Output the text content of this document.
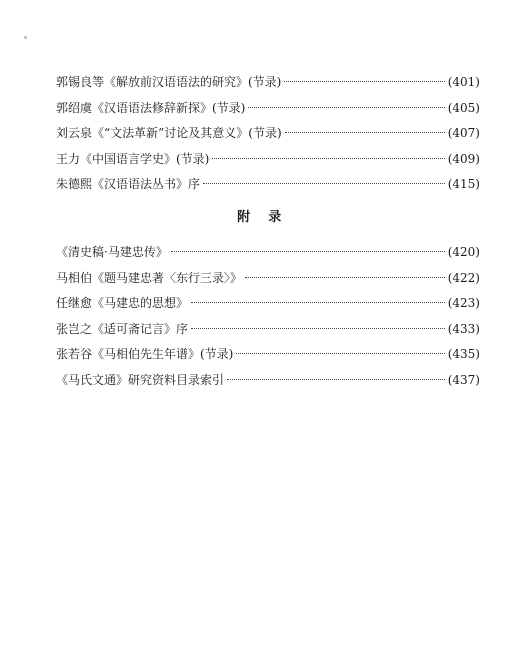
郭锡良等《解放前汉语语法的研究》(节录)	(401)
郭绍虞《汉语语法修辞新探》(节录)	(405)
刘云泉《“文法革新”讨论及其意义》(节录)	(407)
王力《中国语言学史》(节录)	(409)
朱德熙《汉语语法丛书》序	(415)
附　录
《清史稿·马建忠传》	(420)
马相伯《题马建忠著〈东行三录〉》	(422)
任继愈《马建忠的思想》	(423)
张岂之《适可斋记言》序	(433)
张若谷《马相伯先生年谱》(节录)	(435)
《马氏文通》研究资料目录索引	(437)
